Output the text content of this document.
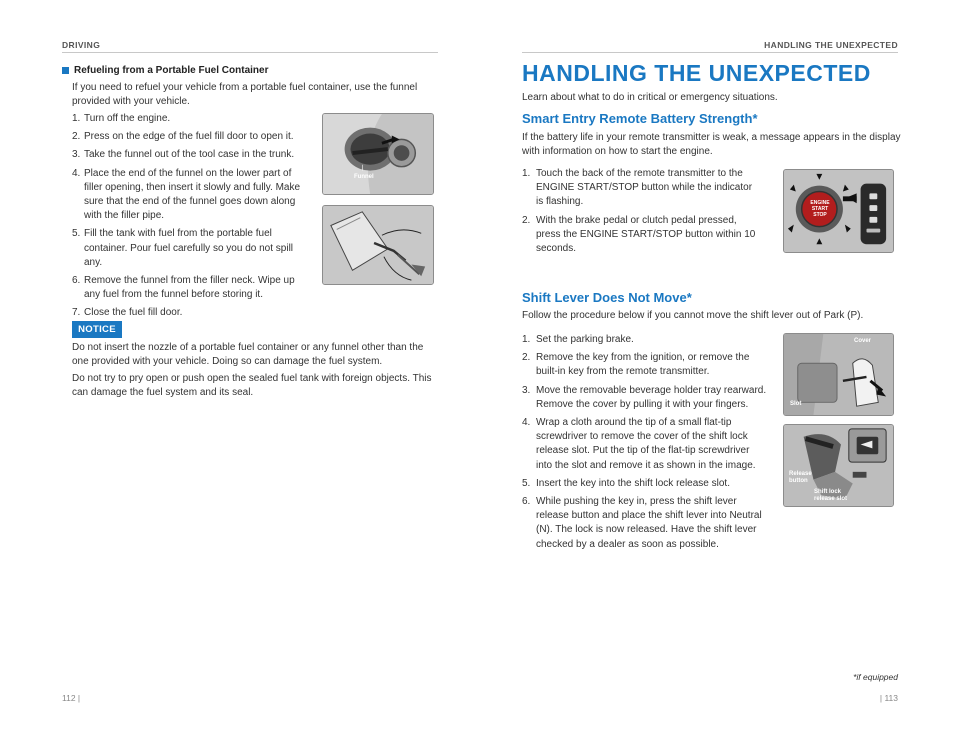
DRIVING
Refueling from a Portable Fuel Container
If you need to refuel your vehicle from a portable fuel container, use the funnel provided with your vehicle.
1. Turn off the engine.
2. Press on the edge of the fuel fill door to open it.
3. Take the funnel out of the tool case in the trunk.
4. Place the end of the funnel on the lower part of filler opening, then insert it slowly and fully. Make sure that the end of the funnel goes down along with the filler pipe.
5. Fill the tank with fuel from the portable fuel container. Pour fuel carefully so you do not spill any.
6. Remove the funnel from the filler neck. Wipe up any fuel from the funnel before storing it.
7. Close the fuel fill door.
Funnel
NOTICE
Do not insert the nozzle of a portable fuel container or any funnel other than the one provided with your vehicle. Doing so can damage the fuel system.
Do not try to pry open or push open the sealed fuel tank with foreign objects. This can damage the fuel system and its seal.
112 |
HANDLING THE UNEXPECTED
HANDLING THE UNEXPECTED
Learn about what to do in critical or emergency situations.
Smart Entry Remote Battery Strength*
If the battery life in your remote transmitter is weak, a message appears in the display with information on how to start the engine.
1. Touch the back of the remote transmitter to the ENGINE START/STOP button while the indicator is flashing.
2. With the brake pedal or clutch pedal pressed, press the ENGINE START/STOP button within 10 seconds.
ENGINE
START
STOP
Shift Lever Does Not Move*
Follow the procedure below if you cannot move the shift lever out of Park (P).
1. Set the parking brake.
2. Remove the key from the ignition, or remove the built-in key from the remote transmitter.
3. Move the removable beverage holder tray rearward. Remove the cover by pulling it with your fingers.
4. Wrap a cloth around the tip of a small flat-tip screwdriver to remove the cover of the shift lock release slot. Put the tip of the flat-tip screwdriver into the slot and remove it as shown in the image.
5. Insert the key into the shift lock release slot.
6. While pushing the key in, press the shift lever release button and place the shift lever into Neutral (N). The lock is now released. Have the shift lever checked by a dealer as soon as possible.
Cover
Slot
Release button
Shift lock release slot
*if equipped
| 113
